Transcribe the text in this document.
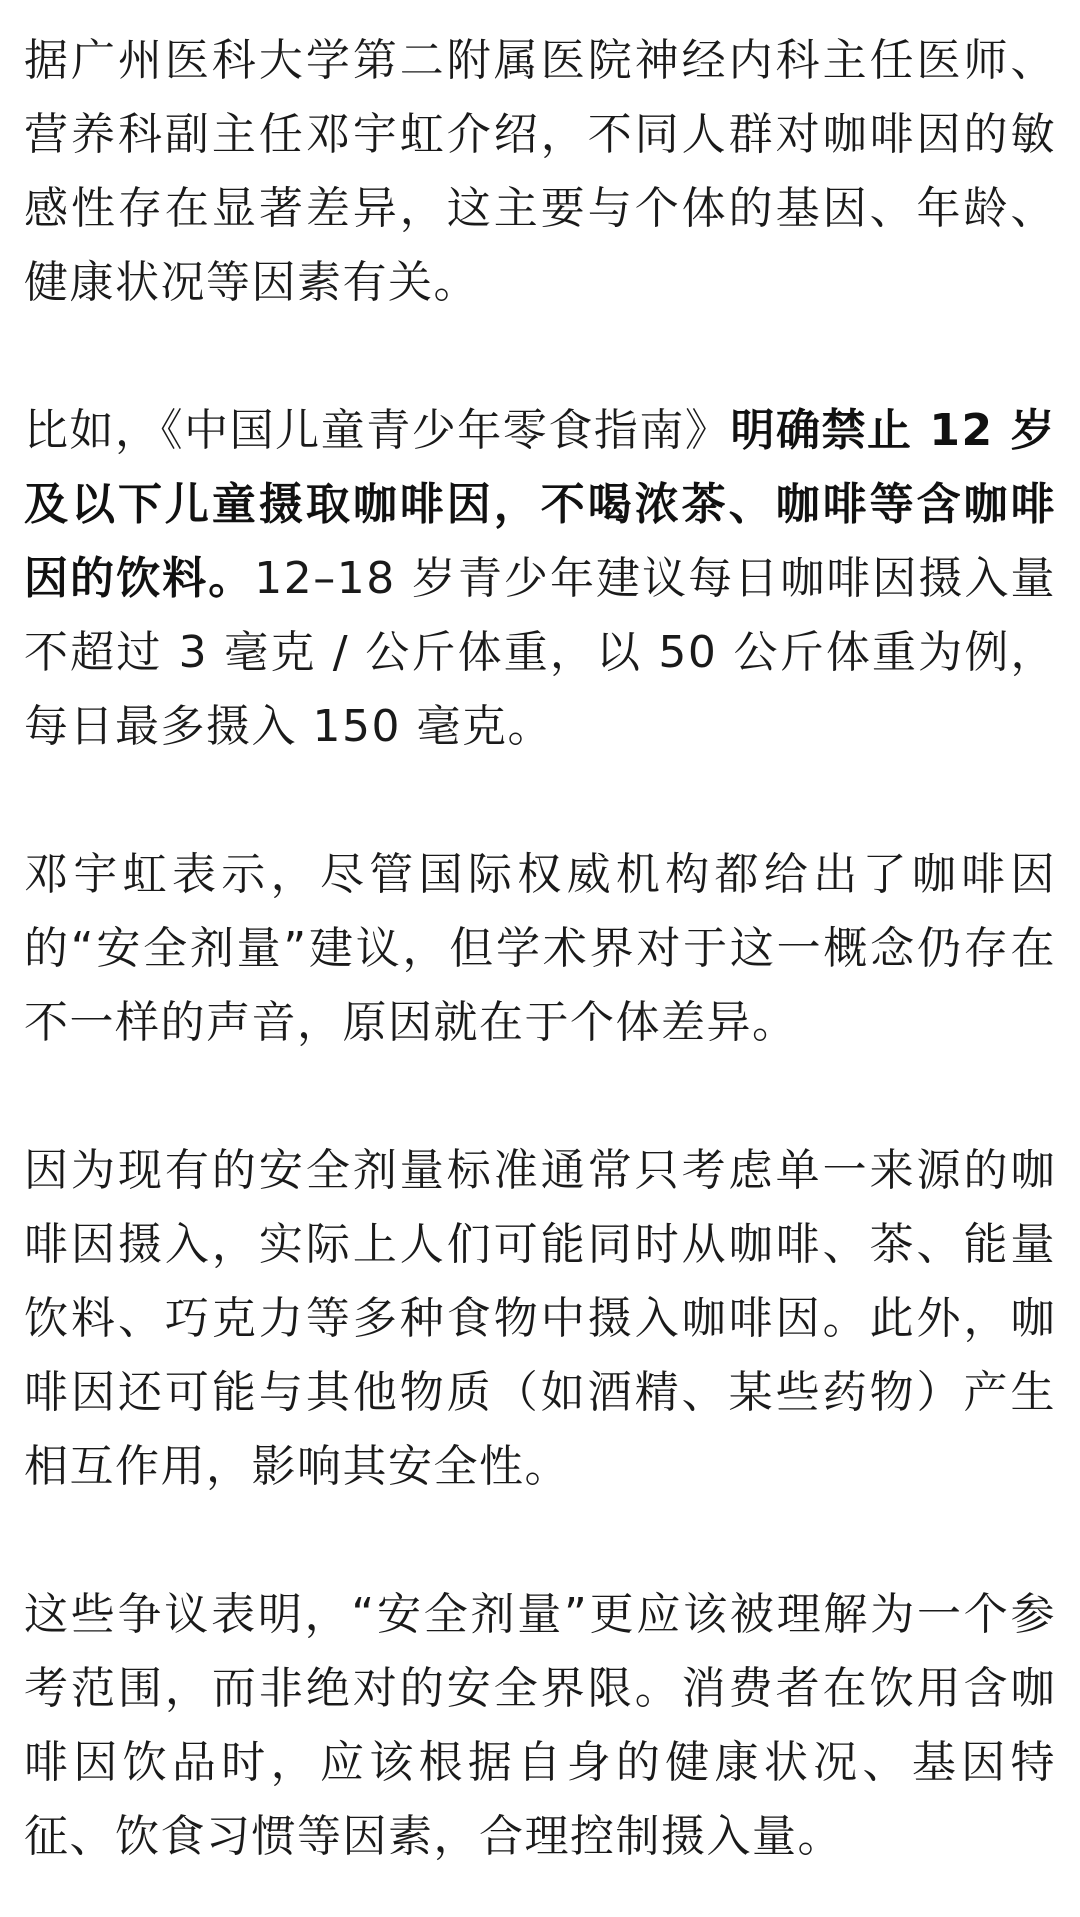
据广州医科大学第二附属医院神经内科主任医师、营养科副主任邓宇虹介绍，不同人群对咖啡因的敏感性存在显著差异，这主要与个体的基因、年龄、健康状况等因素有关。

比如，《中国儿童青少年零食指南》明确禁止 12 岁及以下儿童摄取咖啡因，不喝浓茶、咖啡等含咖啡因的饮料。12–18 岁青少年建议每日咖啡因摄入量不超过 3 毫克 / 公斤体重，以 50 公斤体重为例，每日最多摄入 150 毫克。

邓宇虹表示，尽管国际权威机构都给出了咖啡因的“安全剂量”建议，但学术界对于这一概念仍存在不一样的声音，原因就在于个体差异。

因为现有的安全剂量标准通常只考虑单一来源的咖啡因摄入，实际上人们可能同时从咖啡、茶、能量饮料、巧克力等多种食物中摄入咖啡因。此外，咖啡因还可能与其他物质（如酒精、某些药物）产生相互作用，影响其安全性。

这些争议表明，“安全剂量”更应该被理解为一个参考范围，而非绝对的安全界限。消费者在饮用含咖啡因饮品时，应该根据自身的健康状况、基因特征、饮食习惯等因素，合理控制摄入量。
